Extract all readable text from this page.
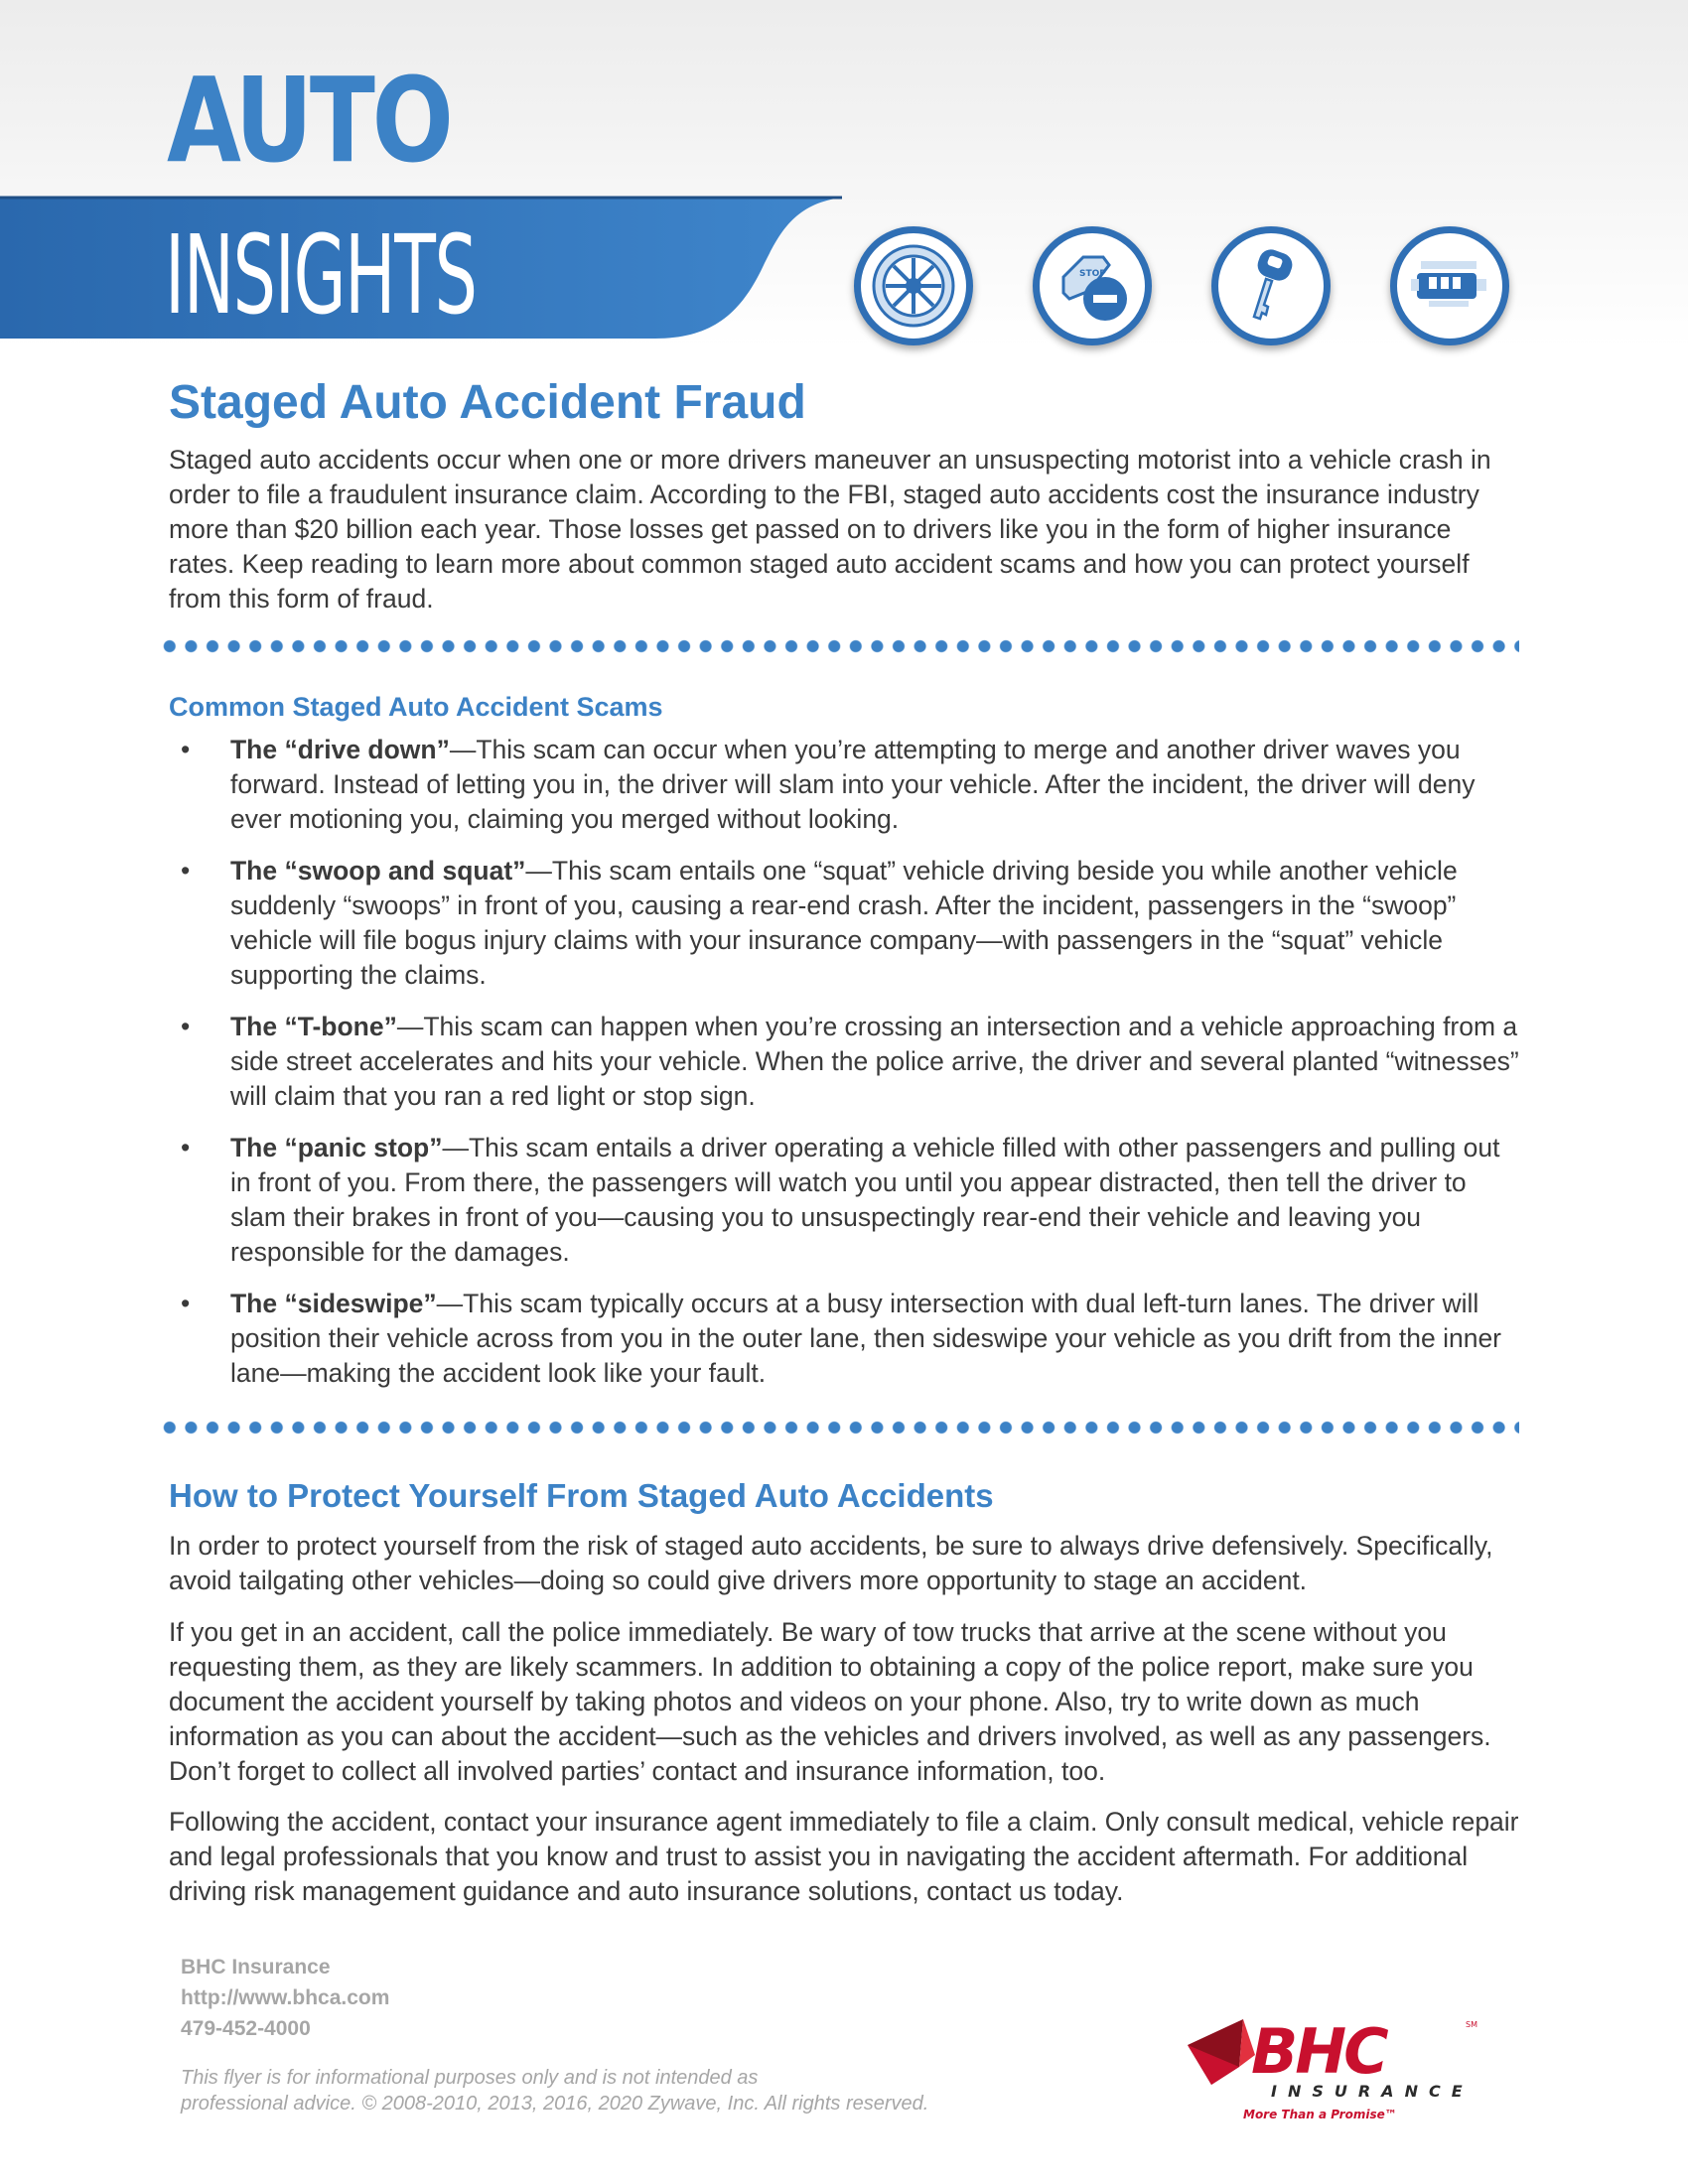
AUTO
INSIGHTS	STOP
Staged Auto Accident Fraud

Staged auto accidents occur when one or more drivers maneuver an unsuspecting motorist into a vehicle crash in order to file a fraudulent insurance claim. According to the FBI, staged auto accidents cost the insurance industry more than $20 billion each year. Those losses get passed on to drivers like you in the form of higher insurance rates. Keep reading to learn more about common staged auto accident scams and how you can protect yourself from this form of fraud.

Common Staged Auto Accident Scams
• The “drive down”—This scam can occur when you’re attempting to merge and another driver waves you forward. Instead of letting you in, the driver will slam into your vehicle. After the incident, the driver will deny ever motioning you, claiming you merged without looking.
• The “swoop and squat”—This scam entails one “squat” vehicle driving beside you while another vehicle suddenly “swoops” in front of you, causing a rear-end crash. After the incident, passengers in the “swoop” vehicle will file bogus injury claims with your insurance company—with passengers in the “squat” vehicle supporting the claims.
• The “T-bone”—This scam can happen when you’re crossing an intersection and a vehicle approaching from a side street accelerates and hits your vehicle. When the police arrive, the driver and several planted “witnesses” will claim that you ran a red light or stop sign.
• The “panic stop”—This scam entails a driver operating a vehicle filled with other passengers and pulling out in front of you. From there, the passengers will watch you until you appear distracted, then tell the driver to slam their brakes in front of you—causing you to unsuspectingly rear-end their vehicle and leaving you responsible for the damages.
• The “sideswipe”—This scam typically occurs at a busy intersection with dual left-turn lanes. The driver will position their vehicle across from you in the outer lane, then sideswipe your vehicle as you drift from the inner lane—making the accident look like your fault.
How to Protect Yourself From Staged Auto Accidents

In order to protect yourself from the risk of staged auto accidents, be sure to always drive defensively. Specifically, avoid tailgating other vehicles—doing so could give drivers more opportunity to stage an accident.

If you get in an accident, call the police immediately. Be wary of tow trucks that arrive at the scene without you requesting them, as they are likely scammers. In addition to obtaining a copy of the police report, make sure you document the accident yourself by taking photos and videos on your phone. Also, try to write down as much information as you can about the accident—such as the vehicles and drivers involved, as well as any passengers. Don’t forget to collect all involved parties’ contact and insurance information, too.

Following the accident, contact your insurance agent immediately to file a claim. Only consult medical, vehicle repair and legal professionals that you know and trust to assist you in navigating the accident aftermath. For additional driving risk management guidance and auto insurance solutions, contact us today.

BHC Insurance
http://www.bhca.com
479-452-4000
This flyer is for informational purposes only and is not intended as
professional advice. © 2008-2010, 2013, 2016, 2020 Zywave, Inc. All rights reserved.
BHC	SM
INSURANCE
More Than a Promise™
